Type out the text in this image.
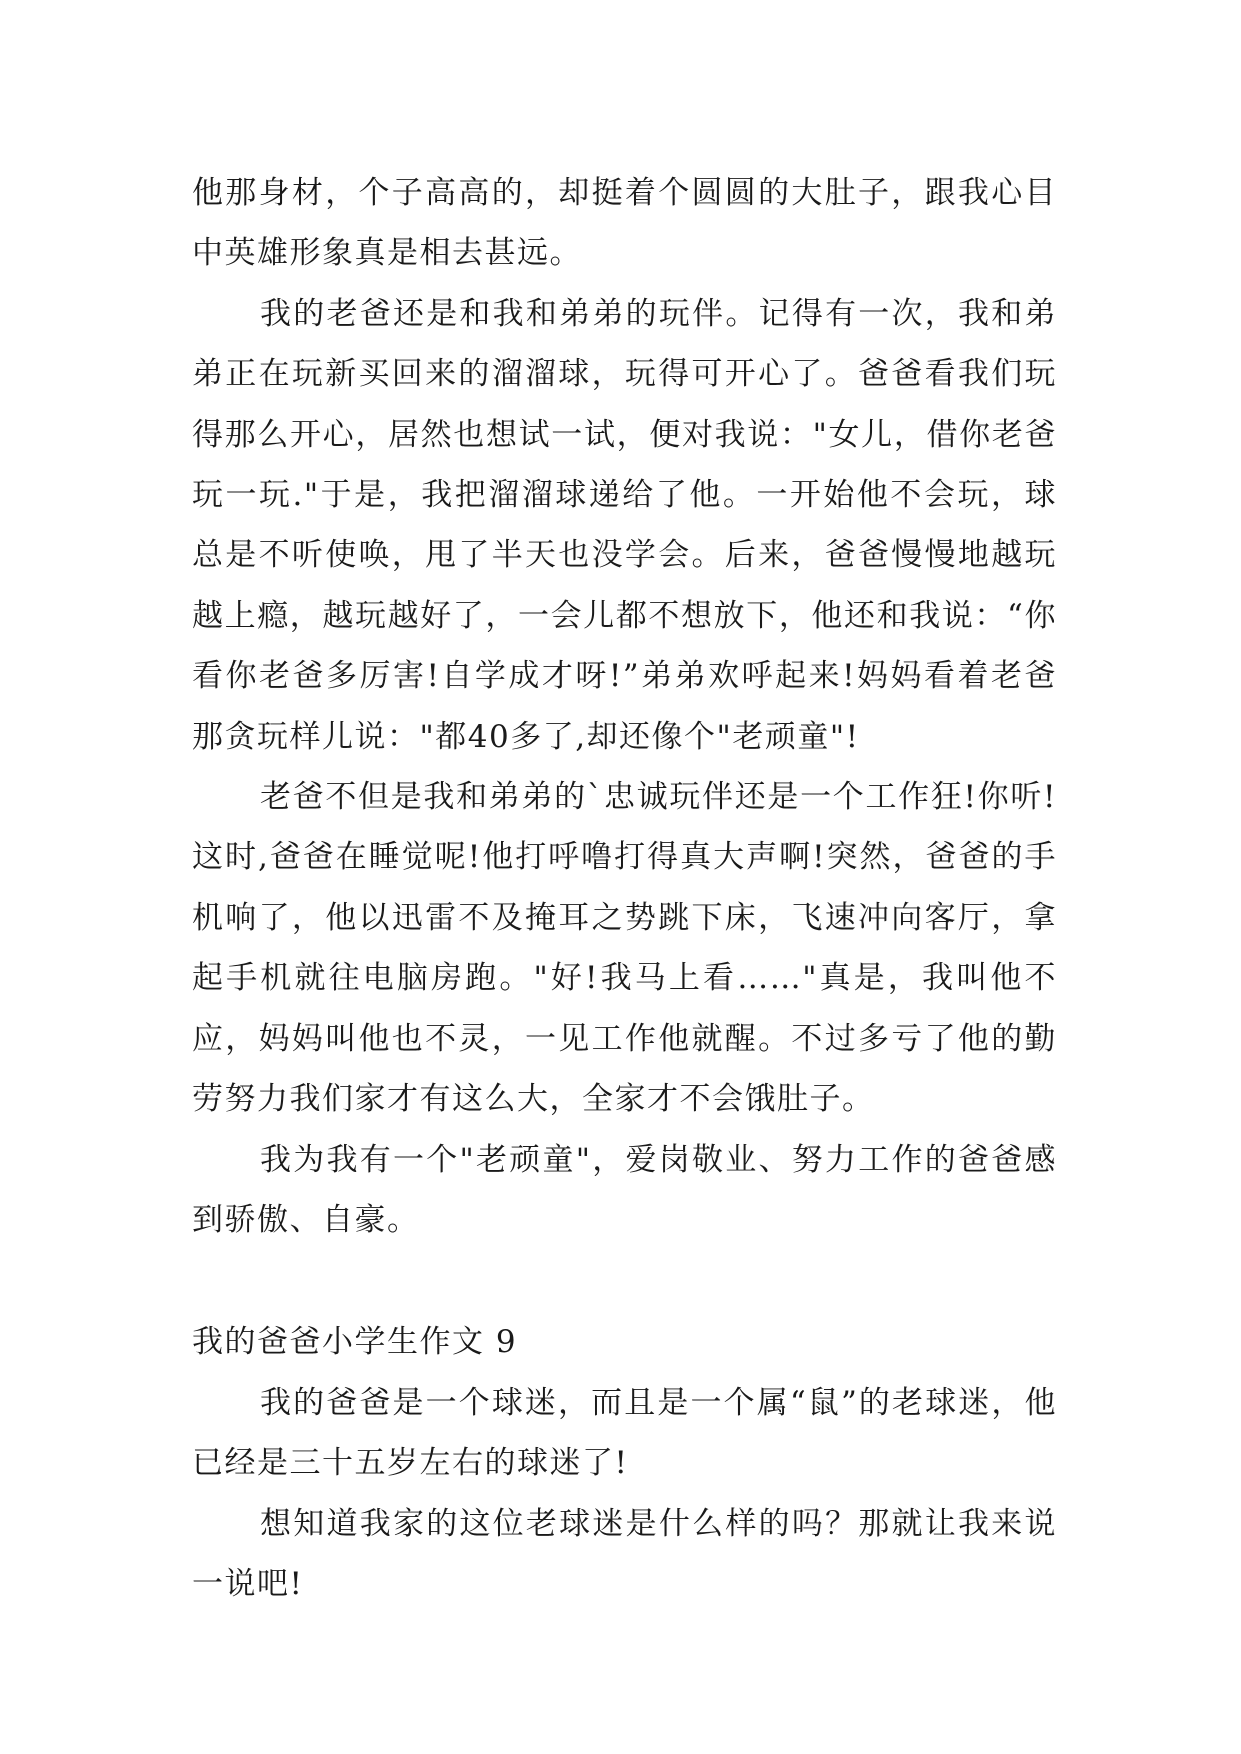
他那身材，个子高高的，却挺着个圆圆的大肚子，跟我心目中英雄形象真是相去甚远。

我的老爸还是和我和弟弟的玩伴。记得有一次，我和弟弟正在玩新买回来的溜溜球，玩得可开心了。爸爸看我们玩得那么开心，居然也想试一试，便对我说："女儿，借你老爸玩一玩."于是，我把溜溜球递给了他。一开始他不会玩，球总是不听使唤，甩了半天也没学会。后来，爸爸慢慢地越玩越上瘾，越玩越好了，一会儿都不想放下，他还和我说：“你看你老爸多厉害!自学成才呀!”弟弟欢呼起来!妈妈看着老爸那贪玩样儿说："都40多了,却还像个"老顽童"!

老爸不但是我和弟弟的`忠诚玩伴还是一个工作狂!你听!这时,爸爸在睡觉呢!他打呼噜打得真大声啊!突然，爸爸的手机响了，他以迅雷不及掩耳之势跳下床，飞速冲向客厅，拿起手机就往电脑房跑。"好!我马上看……"真是，我叫他不应，妈妈叫他也不灵，一见工作他就醒。不过多亏了他的勤劳努力我们家才有这么大，全家才不会饿肚子。

我为我有一个"老顽童"，爱岗敬业、努力工作的爸爸感到骄傲、自豪。

我的爸爸小学生作文 9

我的爸爸是一个球迷，而且是一个属“鼠”的老球迷，他已经是三十五岁左右的球迷了!

想知道我家的这位老球迷是什么样的吗？那就让我来说一说吧!
